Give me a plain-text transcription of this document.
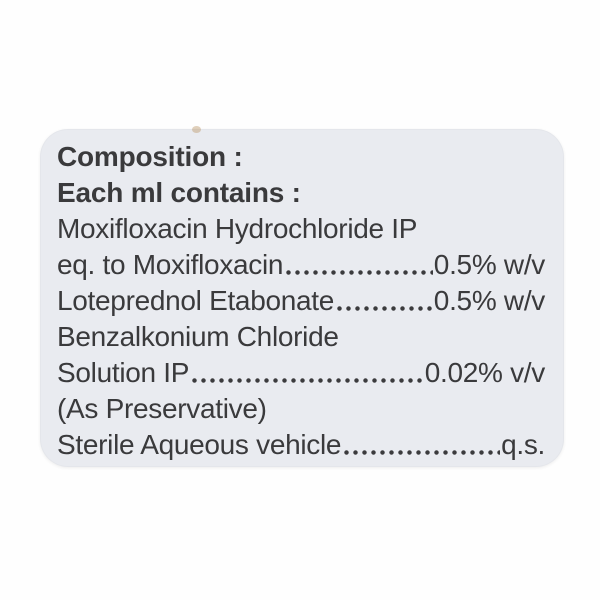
Composition :
Each ml contains :
Moxifloxacin Hydrochloride IP
eq. to Moxifloxacin	0.5% w/v
Loteprednol Etabonate	0.5% w/v
Benzalkonium Chloride
Solution IP	0.02% v/v
(As Preservative)
Sterile Aqueous vehicle	q.s.
